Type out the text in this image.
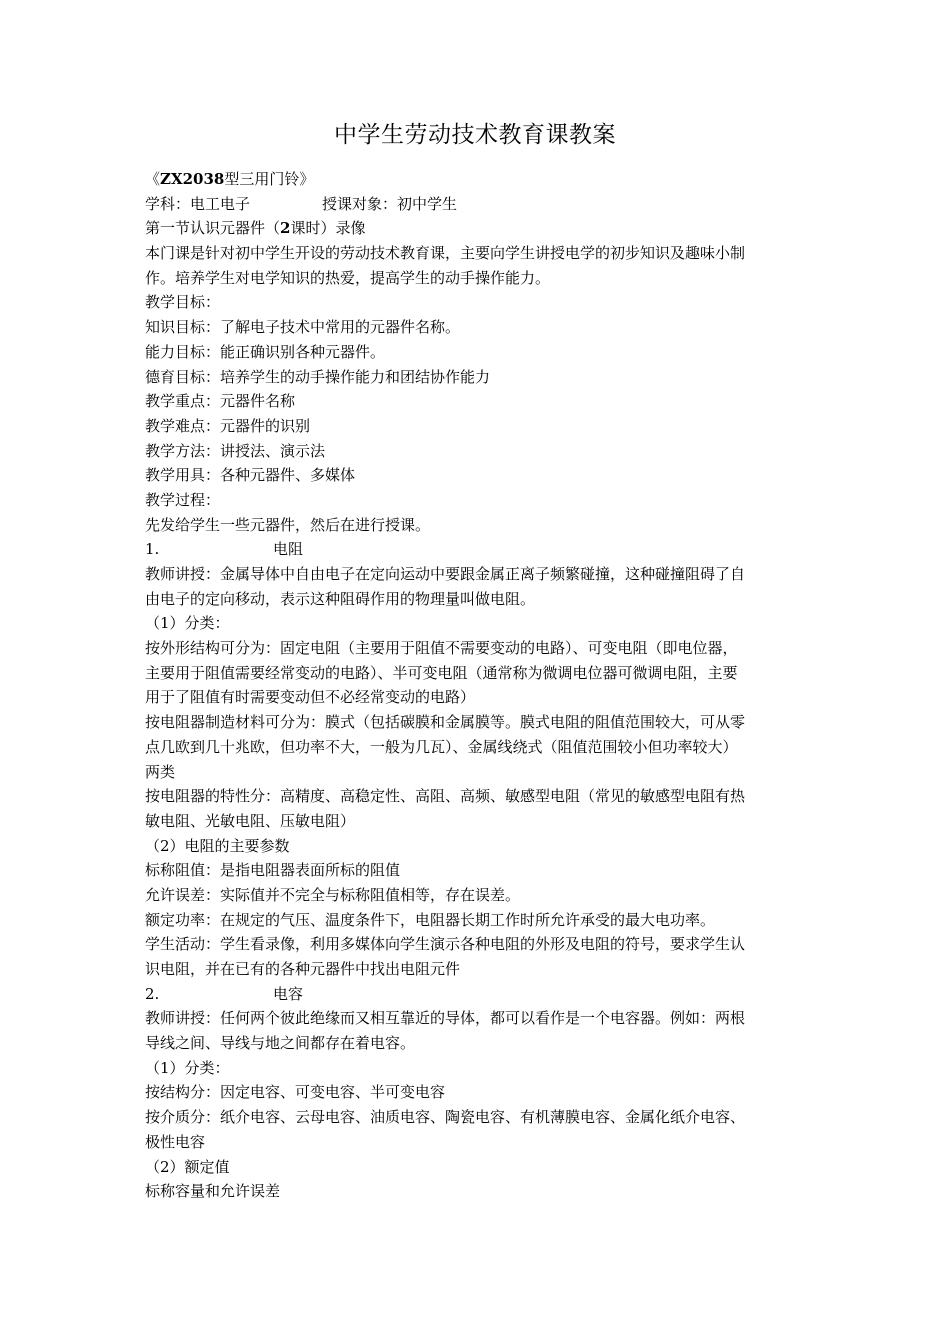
中学生劳动技术教育课教案
《ZX2038型三用门铃》
学科：电工电子	授课对象：初中学生
第一节认识元器件（2课时）录像
本门课是针对初中学生开设的劳动技术教育课，主要向学生讲授电学的初步知识及趣味小制
作。培养学生对电学知识的热爱，提高学生的动手操作能力。
教学目标：
知识目标：了解电子技术中常用的元器件名称。
能力目标：能正确识别各种元器件。
德育目标：培养学生的动手操作能力和团结协作能力
教学重点：元器件名称
教学难点：元器件的识别
教学方法：讲授法、演示法
教学用具：各种元器件、多媒体
教学过程：
先发给学生一些元器件，然后在进行授课。
1.	电阻
教师讲授：金属导体中自由电子在定向运动中要跟金属正离子频繁碰撞，这种碰撞阻碍了自
由电子的定向移动，表示这种阻碍作用的物理量叫做电阻。
（1）分类：
按外形结构可分为：固定电阻（主要用于阻值不需要变动的电路）、可变电阻（即电位器，
主要用于阻值需要经常变动的电路）、半可变电阻（通常称为微调电位器可微调电阻，主要
用于了阻值有时需要变动但不必经常变动的电路）
按电阻器制造材料可分为：膜式（包括碳膜和金属膜等。膜式电阻的阻值范围较大，可从零
点几欧到几十兆欧，但功率不大，一般为几瓦）、金属线绕式（阻值范围较小但功率较大）
两类
按电阻器的特性分：高精度、高稳定性、高阻、高频、敏感型电阻（常见的敏感型电阻有热
敏电阻、光敏电阻、压敏电阻）
（2）电阻的主要参数
标称阻值：是指电阻器表面所标的阻值
允许误差：实际值并不完全与标称阻值相等，存在误差。
额定功率：在规定的气压、温度条件下，电阻器长期工作时所允许承受的最大电功率。
学生活动：学生看录像，利用多媒体向学生演示各种电阻的外形及电阻的符号，要求学生认
识电阻，并在已有的各种元器件中找出电阻元件
2.	电容
教师讲授：任何两个彼此绝缘而又相互靠近的导体，都可以看作是一个电容器。例如：两根
导线之间、导线与地之间都存在着电容。
（1）分类：
按结构分：因定电容、可变电容、半可变电容
按介质分：纸介电容、云母电容、油质电容、陶瓷电容、有机薄膜电容、金属化纸介电容、
极性电容
（2）额定值
标称容量和允许误差
